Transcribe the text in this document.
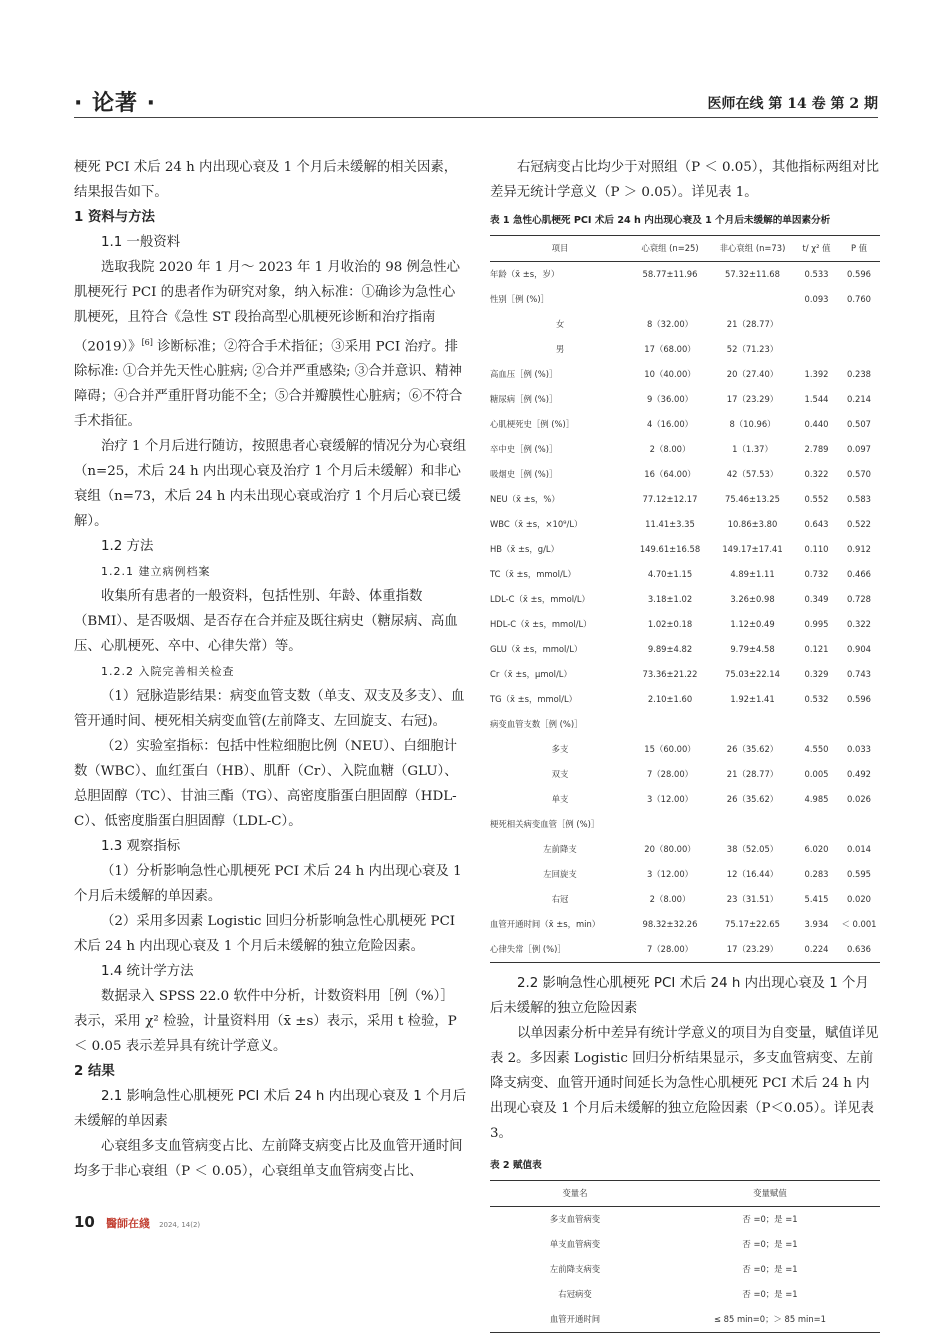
· 论著 ·	医师在线 第 14 卷 第 2 期

梗死 PCI 术后 24 h 内出现心衰及 1 个月后未缓解的相关因素，结果报告如下。

1 资料与方法

1.1 一般资料

选取我院 2020 年 1 月～ 2023 年 1 月收治的 98 例急性心肌梗死行 PCI 的患者作为研究对象，纳入标准：①确诊为急性心肌梗死，且符合《急性 ST 段抬高型心肌梗死诊断和治疗指南（2019）》[6] 诊断标准；②符合手术指征；③采用 PCI 治疗。排除标准: ①合并先天性心脏病; ②合并严重感染; ③合并意识、精神障碍；④合并严重肝肾功能不全；⑤合并瓣膜性心脏病；⑥不符合手术指征。

治疗 1 个月后进行随访，按照患者心衰缓解的情况分为心衰组（n=25，术后 24 h 内出现心衰及治疗 1 个月后未缓解）和非心衰组（n=73，术后 24 h 内未出现心衰或治疗 1 个月后心衰已缓解）。

1.2 方法

1.2.1 建立病例档案

收集所有患者的一般资料，包括性别、年龄、体重指数（BMI）、是否吸烟、是否存在合并症及既往病史（糖尿病、高血压、心肌梗死、卒中、心律失常）等。

1.2.2 入院完善相关检查

（1）冠脉造影结果：病变血管支数（单支、双支及多支）、血管开通时间、梗死相关病变血管(左前降支、左回旋支、右冠)。

（2）实验室指标：包括中性粒细胞比例（NEU）、白细胞计数（WBC）、血红蛋白（HB）、肌酐（Cr）、入院血糖（GLU）、总胆固醇（TC）、甘油三酯（TG）、高密度脂蛋白胆固醇（HDL-C）、低密度脂蛋白胆固醇（LDL-C）。

1.3 观察指标

（1）分析影响急性心肌梗死 PCI 术后 24 h 内出现心衰及 1 个月后未缓解的单因素。

（2）采用多因素 Logistic 回归分析影响急性心肌梗死 PCI 术后 24 h 内出现心衰及 1 个月后未缓解的独立危险因素。

1.4 统计学方法

数据录入 SPSS 22.0 软件中分析，计数资料用［例（%）］表示，采用 χ² 检验，计量资料用（x̄ ±s）表示，采用 t 检验，P ＜ 0.05 表示差异具有统计学意义。

2 结果

2.1 影响急性心肌梗死 PCI 术后 24 h 内出现心衰及 1 个月后未缓解的单因素

心衰组多支血管病变占比、左前降支病变占比及血管开通时间均多于非心衰组（P ＜ 0.05），心衰组单支血管病变占比、

右冠病变占比均少于对照组（P ＜ 0.05），其他指标两组对比差异无统计学意义（P ＞ 0.05）。详见表 1。

表 1 急性心肌梗死 PCI 术后 24 h 内出现心衰及 1 个月后未缓解的单因素分析
项目	心衰组 (n=25)	非心衰组 (n=73)	t/ χ² 值	P 值
年龄（x̄ ±s，岁）	58.77±11.96	57.32±11.68	0.533	0.596
性别［例 (%)］			0.093	0.760
女	8（32.00）	21（28.77）		
男	17（68.00）	52（71.23）		
高血压［例 (%)］	10（40.00）	20（27.40）	1.392	0.238
糖尿病［例 (%)］	9（36.00）	17（23.29）	1.544	0.214
心肌梗死史［例 (%)］	4（16.00）	8（10.96）	0.440	0.507
卒中史［例 (%)］	2（8.00）	1（1.37）	2.789	0.097
吸烟史［例 (%)］	16（64.00）	42（57.53）	0.322	0.570
NEU（x̄ ±s，%）	77.12±12.17	75.46±13.25	0.552	0.583
WBC（x̄ ±s，×10⁹/L）	11.41±3.35	10.86±3.80	0.643	0.522
HB（x̄ ±s，g/L）	149.61±16.58	149.17±17.41	0.110	0.912
TC（x̄ ±s，mmol/L）	4.70±1.15	4.89±1.11	0.732	0.466
LDL-C（x̄ ±s，mmol/L）	3.18±1.02	3.26±0.98	0.349	0.728
HDL-C（x̄ ±s，mmol/L）	1.02±0.18	1.12±0.49	0.995	0.322
GLU（x̄ ±s，mmol/L）	9.89±4.82	9.79±4.58	0.121	0.904
Cr（x̄ ±s，μmol/L）	73.36±21.22	75.03±22.14	0.329	0.743
TG（x̄ ±s，mmol/L）	2.10±1.60	1.92±1.41	0.532	0.596
病变血管支数［例 (%)］				
多支	15（60.00）	26（35.62）	4.550	0.033
双支	7（28.00）	21（28.77）	0.005	0.492
单支	3（12.00）	26（35.62）	4.985	0.026
梗死相关病变血管［例 (%)］				
左前降支	20（80.00）	38（52.05）	6.020	0.014
左回旋支	3（12.00）	12（16.44）	0.283	0.595
右冠	2（8.00）	23（31.51）	5.415	0.020
血管开通时间（x̄ ±s，min）	98.32±32.26	75.17±22.65	3.934	＜ 0.001
心律失常［例 (%)］	7（28.00）	17（23.29）	0.224	0.636

2.2 影响急性心肌梗死 PCI 术后 24 h 内出现心衰及 1 个月后未缓解的独立危险因素

以单因素分析中差异有统计学意义的项目为自变量，赋值详见表 2。多因素 Logistic 回归分析结果显示，多支血管病变、左前降支病变、血管开通时间延长为急性心肌梗死 PCI 术后 24 h 内出现心衰及 1 个月后未缓解的独立危险因素（P＜0.05）。详见表 3。

表 2 赋值表
变量名	变量赋值
多支血管病变	否 =0；是 =1
单支血管病变	否 =0；是 =1
左前降支病变	否 =0；是 =1
右冠病变	否 =0；是 =1
血管开通时间	≤ 85 min=0；＞ 85 min=1
10 醫師在綫 2024, 14(2)
